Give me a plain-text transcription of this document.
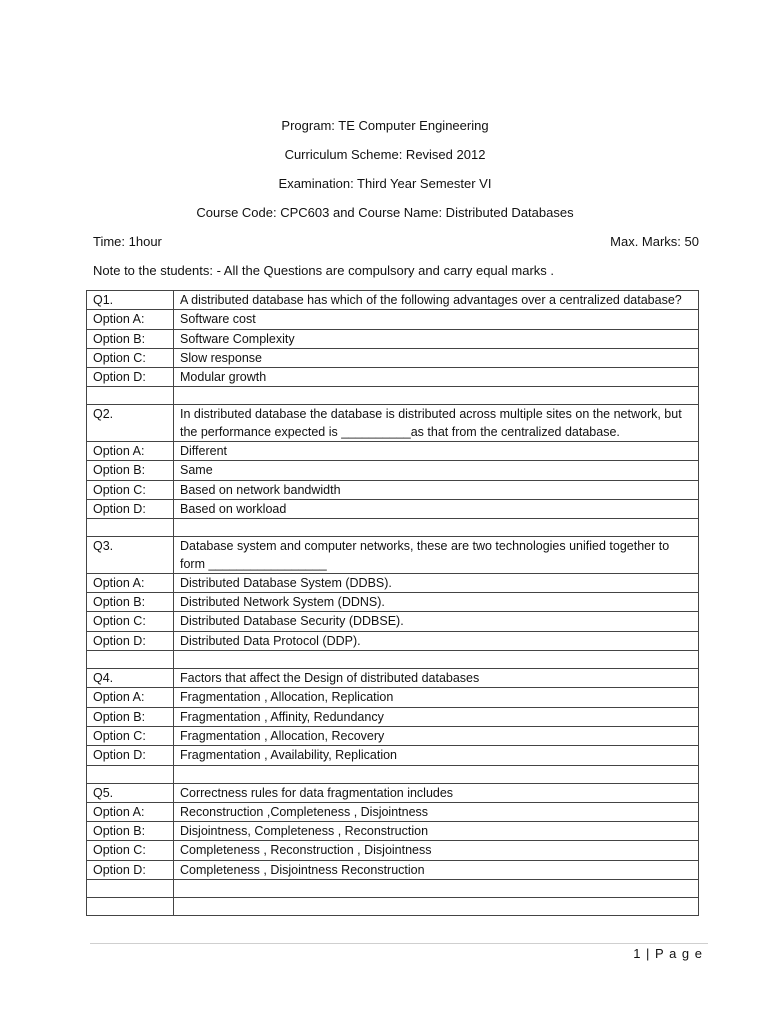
Program: TE Computer Engineering
Curriculum Scheme: Revised 2012
Examination: Third Year Semester VI
Course Code: CPC603 and Course Name: Distributed Databases
Time: 1hour	Max. Marks: 50
Note to the students: - All the Questions are compulsory and carry equal marks .
Q1.	A distributed database has which of the following advantages over a centralized database?
Option A:	Software cost
Option B:	Software Complexity
Option C:	Slow response
Option D:	Modular growth

Q2.	In distributed database the database is distributed across multiple sites on the network, but the performance expected is __________as that from the centralized database.
Option A:	Different
Option B:	Same
Option C:	Based on network bandwidth
Option D:	Based on workload

Q3.	Database system and computer networks, these are two technologies unified together to form _________________
Option A:	Distributed Database System (DDBS).
Option B:	Distributed Network System (DDNS).
Option C:	Distributed Database Security (DDBSE).
Option D:	Distributed Data Protocol (DDP).

Q4.	Factors that affect the Design of distributed databases
Option A:	Fragmentation , Allocation, Replication
Option B:	Fragmentation , Affinity, Redundancy
Option C:	Fragmentation , Allocation, Recovery
Option D:	Fragmentation , Availability, Replication

Q5.	Correctness rules for data fragmentation includes
Option A:	Reconstruction ,Completeness , Disjointness
Option B:	Disjointness, Completeness , Reconstruction
Option C:	Completeness , Reconstruction , Disjointness
Option D:	Completeness , Disjointness Reconstruction

1 | P a g e
